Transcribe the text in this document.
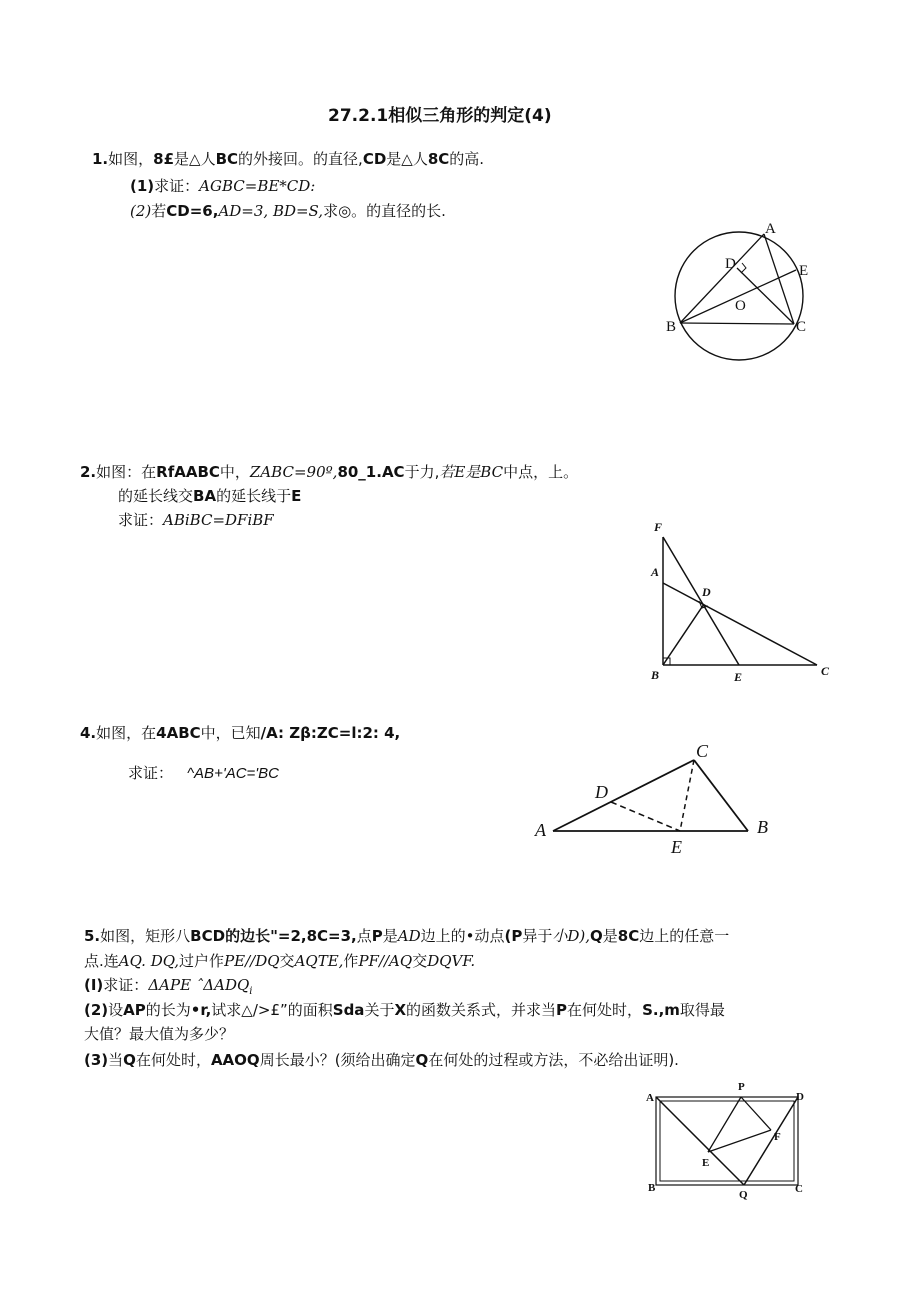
27.2.1相似三角形的判定(4)
1.如图，8£是△人BC的外接回。的直径,CD是△人8C的高.
(1)求证：AGBC=BE*CD:
(2)若CD=6,AD=3, BD=S,求◎。的直径的长.
A
B	C
D	E
O
2.如图：在RfAABC中，ZABC=90º,80_1.AC于力,若E是BC中点，上。
的延长线交BA的延长线于E
求证：ABiBC=DFiBF	F
A
D
B	E	C
4.如图，在4ABC中，已知/A: Zβ:ZC=l:2: 4,
求证： ^AB+'AC='BC
A	B
C
D
E
5.如图，矩形八BCD的边长"=2,8C=3,点P是AD边上的•动点(P异于小D),Q是8C边上的任意一
点.连AQ. DQ,过户作PE//DQ交AQTE,作PF//AQ交DQVF.
(I)求证：ΔAPE ˆΔADQ$_i$
(2)设AP的长为•r,试求△/>£”的面积Sda关于X的函数关系式，并求当P在何处时，S.,m取得最
大值？最大值为多少？
(3)当Q在何处时，AAOQ周长最小？(须给出确定Q在何处的过程或方法，不必给出证明).
A
P
D
F
E
B
Q	C
